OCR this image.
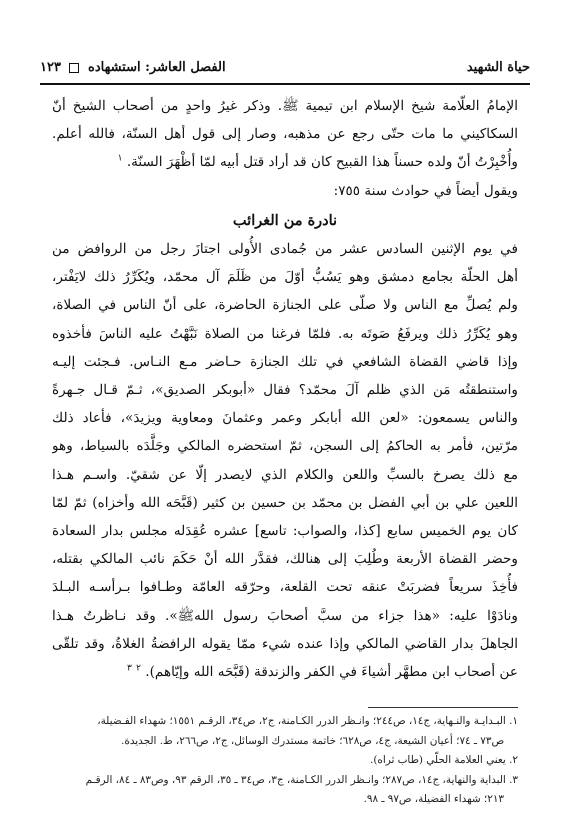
حياة الشهيد
الفصل العاشر: استشهاده  ١٢٣

الإمامُ العلّامة شيخ الإسلام ابن تيمية ﷺ. وذكر غيرُ واحدٍ من أصحاب الشيخ أنّ
السكاكيني ما مات حتّى رجع عن مذهبه، وصار إلى قول أهل السنّة، فالله أعلم.
وأُخْبِرْتُ أنّ ولده حسناً هذا القبيح كان قد أراد قتل أبيه لمّا أظْهَرَ السنّة. $^١$

ويقول أيضاً في حوادث سنة ٧٥٥:

نادرة من الغرائب

في يوم الإثنين السادس عشر من جُمادى الأُولى اجتازَ رجل من الروافض من
أهل الحلّة بجامع دمشق وهو يَسُبُّ أوّلَ من ظَلَمَ آل محمّد، ويُكَرِّرُ ذلك لايَفْتر،
ولم يُصلِّ مع الناس ولا صلّى على الجنازة الحاضرة، على أنّ الناس في الصلاة،
وهو يُكَرِّرُ ذلك ويرفَعُ صَوتَه به. فلمّا فرغنا من الصلاة نَبَّهْتُ عليه الناسَ فأخذوه
وإذا قاضي القضاة الشافعي في تلك الجنازة حـاضر مـع النـاس. فـجئت إليـه
واستنطقتُه مَن الذي ظلم آلَ محمّد؟ فقال «أبوبكر الصديق»، ثـمّ قـال جـهرةً
والناس يسمعون: «لعن الله أبابكر وعمر وعثمانَ ومعاوية ويزيدَ»، فأعاد ذلك
مرّتين، فأمر به الحاكمُ إلى السجن، ثمّ استحضره المالكي وجَلَّدَه بالسياط، وهو
مع ذلك يصرخ بالسبِّ واللعن والكلام الذي لايصدر إلّا عن شقيّ. واسـم هـذا
اللعين علي بن أبي الفضل بن محمّد بن حسين بن كثير (قَبَّحَه الله وأخزاه) ثمّ لمّا
كان يوم الخميس سابع [كذا، والصواب: تاسع] عشره عُقِدَله مجلس بدار السعادة
وحضر القضاة الأربعة وطُلِبَ إلى هنالك، فقدَّر الله أنْ حَكَمَ نائب المالكي بقتله،
فأُخِذَ سريعاً فضربَتْ عنقه تحت القلعة، وحرّقه العامّة وطـافوا بـرأسـه البـلدَ
ونادَوْا عليه: «هذا جزاء من سبَّ أصحابَ رسول اللهﷺ». وقد نـاظرتُ هـذا
الجاهلَ بدار القاضي المالكي وإذا عنده شيء ممّا يقوله الرافضةُ الغلاةُ، وقد تلقّى
عن أصحاب ابن مطهَّر أشياءَ في الكفر والزندقة (قَبَّحَه الله وإيّاهم). $^٢$ $^٣$

١. البـدايـة والنـهاية، ج١٤، ص٢٤٤؛ وانـظر الدرر الكـامنة، ج٢، ص٣٤، الرقـم ١٥٥١؛ شهداء الفـضيلة،
ص٧٣ ـ ٧٤؛ أعيان الشيعة، ج٤، ص٦٢٨؛ خاتمة مستدرك الوسائل، ج٢، ص٢٦٦، ط. الجديدة.
٢. يعني العلامة الحلّي (طاب ثراه).
٣. البداية والنهاية، ج١٤، ص٢٨٧؛ وانـظر الدرر الكـامنة، ج٣، ص٣٤ ـ ٣٥، الرقم ٩٣، وص٨٣ ـ ٨٤، الرقـم
٢١٣؛ شهداء الفضيلة، ص٩٧ ـ ٩٨.
